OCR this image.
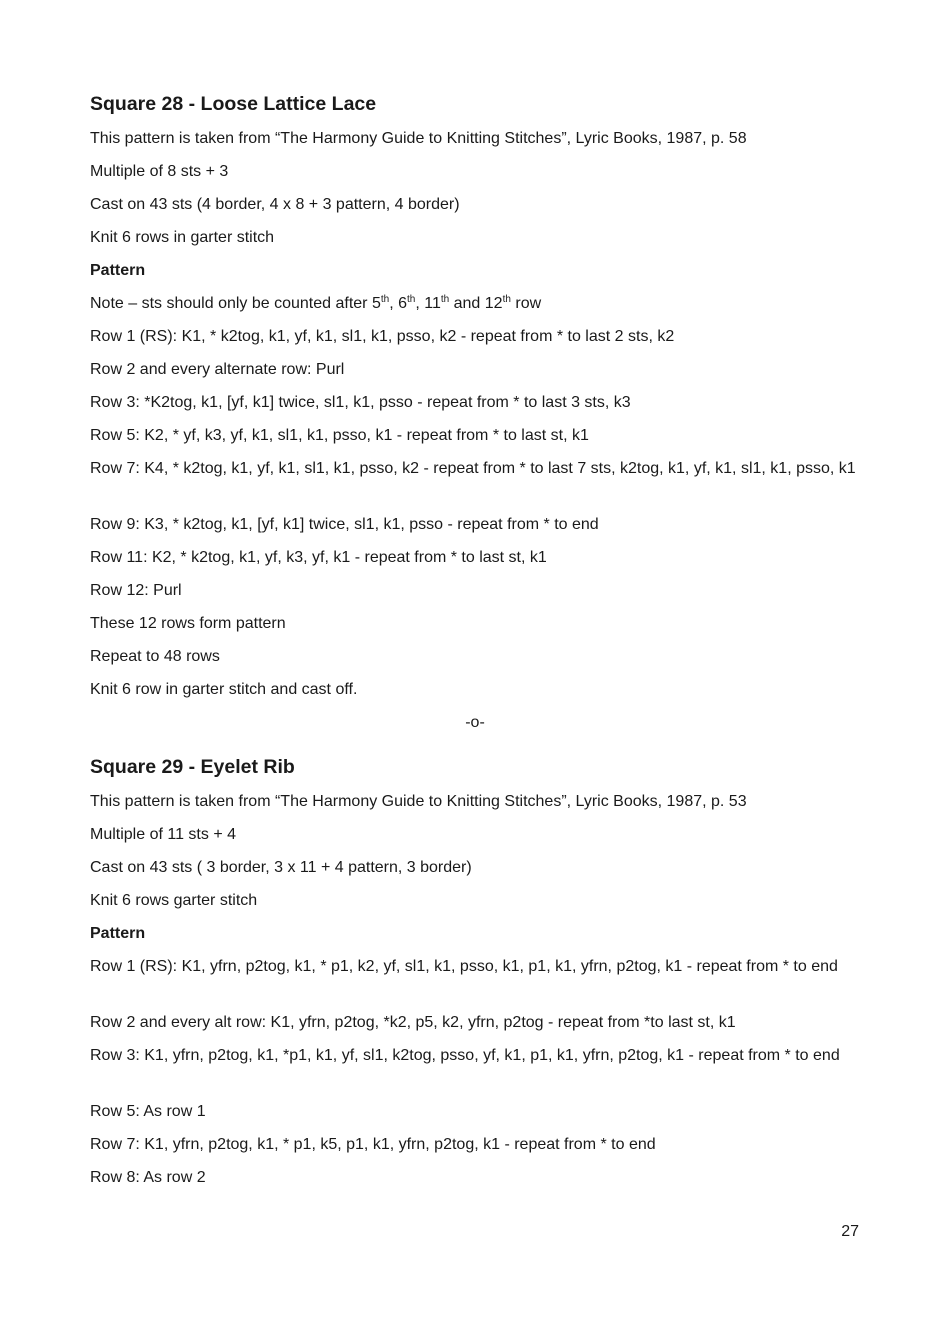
Square 28 - Loose Lattice Lace

This pattern is taken from “The Harmony Guide to Knitting Stitches”, Lyric Books, 1987, p. 58

Multiple of 8 sts + 3

Cast on 43 sts (4 border, 4 x 8 + 3 pattern, 4 border)

Knit 6 rows in garter stitch

Pattern

Note – sts should only be counted after 5th, 6th, 11th and 12th row

Row 1 (RS): K1, * k2tog, k1, yf, k1, sl1, k1, psso, k2 - repeat from * to last 2 sts, k2

Row 2 and every alternate row: Purl

Row 3: *K2tog, k1, [yf, k1] twice, sl1, k1, psso - repeat from * to last 3 sts, k3

Row 5: K2, * yf, k3, yf, k1, sl1, k1, psso, k1 - repeat from * to last st, k1

Row 7: K4, * k2tog, k1, yf, k1, sl1, k1, psso, k2 - repeat from * to last 7 sts, k2tog, k1, yf, k1, sl1, k1, psso, k1

Row 9: K3, * k2tog, k1, [yf, k1] twice, sl1, k1, psso - repeat from * to end

Row 11: K2, * k2tog, k1, yf, k3, yf, k1 - repeat from * to last st, k1

Row 12: Purl

These 12 rows form pattern

Repeat to 48 rows

Knit 6 row in garter stitch and cast off.

-o-

Square 29 - Eyelet Rib

This pattern is taken from “The Harmony Guide to Knitting Stitches”, Lyric Books, 1987, p. 53

Multiple of 11 sts + 4

Cast on 43 sts ( 3 border, 3 x 11 + 4 pattern, 3 border)

Knit 6 rows garter stitch

Pattern

Row 1 (RS): K1, yfrn, p2tog, k1, * p1, k2, yf, sl1, k1, psso, k1, p1, k1, yfrn, p2tog, k1 - repeat from * to end

Row 2 and every alt row: K1, yfrn, p2tog, *k2, p5, k2, yfrn, p2tog - repeat from *to last st, k1

Row 3: K1, yfrn, p2tog, k1, *p1, k1, yf, sl1, k2tog, psso, yf, k1, p1, k1, yfrn, p2tog, k1 - repeat from * to end

Row 5: As row 1

Row 7: K1, yfrn, p2tog, k1, * p1, k5, p1, k1, yfrn, p2tog, k1 - repeat from * to end

Row 8: As row 2

27
